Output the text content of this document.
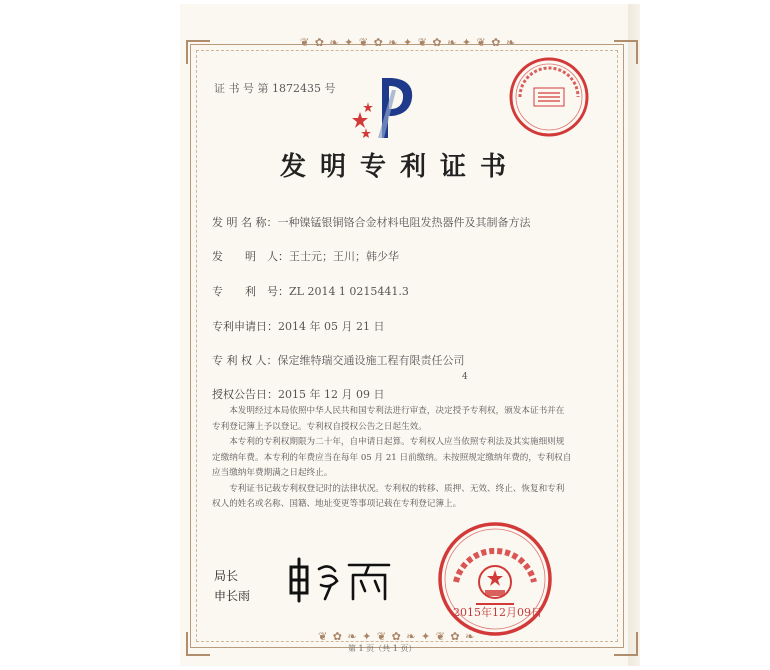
❦ ✿ ❧ ✦ ❦ ✿ ❧ ✦ ❦ ✿ ❧ ✦ ❦ ✿ ❧
❦ ✿ ❧ ✦ ❦ ✿ ❧ ✦ ❦ ✿ ❧
证 书 号 第 1872435 号
发明专利证书
发 明 名 称：一种镍锰银铜铬合金材料电阻发热器件及其制备方法
发　　明　人：王士元；王川；韩少华
专　　利　号：ZL 2014 1 0215441.3
专利申请日：2014 年 05 月 21 日
专 利 权 人：保定维特瑞交通设施工程有限责任公司
授权公告日：2015 年 12 月 09 日
4

本发明经过本局依照中华人民共和国专利法进行审查，决定授予专利权，颁发本证书并在专利登记簿上予以登记。专利权自授权公告之日起生效。

本专利的专利权期限为二十年，自申请日起算。专利权人应当依照专利法及其实施细则规定缴纳年费。本专利的年费应当在每年 05 月 21 日前缴纳。未按照规定缴纳年费的，专利权自应当缴纳年费期满之日起终止。

专利证书记载专利权登记时的法律状况。专利权的转移、质押、无效、终止、恢复和专利权人的姓名或名称、国籍、地址变更等事项记载在专利登记簿上。

局长
申长雨
2015年12月09日
第 1 页（共 1 页）
